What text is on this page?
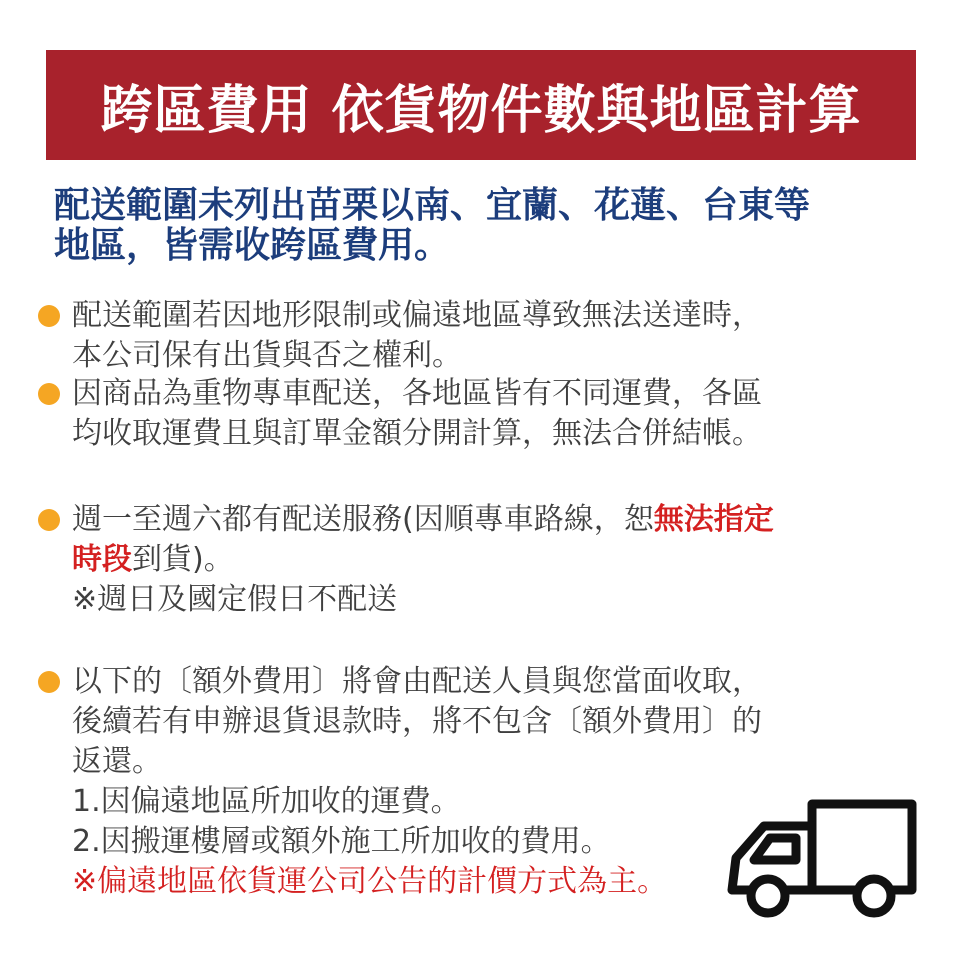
跨區費用 依貨物件數與地區計算
配送範圍未列出苗栗以南、宜蘭、花蓮、台東等
地區，皆需收跨區費用。
配送範圍若因地形限制或偏遠地區導致無法送達時，
本公司保有出貨與否之權利。
因商品為重物專車配送，各地區皆有不同運費，各區
均收取運費且與訂單金額分開計算，無法合併結帳。
週一至週六都有配送服務(因順專車路線，恕無法指定
時段到貨)。
※週日及國定假日不配送
以下的〔額外費用〕將會由配送人員與您當面收取，
後續若有申辦退貨退款時，將不包含〔額外費用〕的
返還。
1.因偏遠地區所加收的運費。
2.因搬運樓層或額外施工所加收的費用。
※偏遠地區依貨運公司公告的計價方式為主。
